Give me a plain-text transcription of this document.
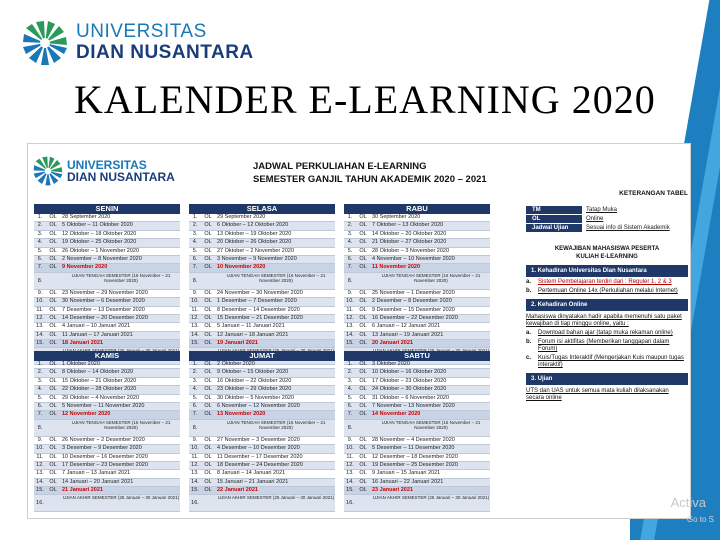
UNIVERSITAS
DIAN NUSANTARA
KALENDER E-LEARNING 2020
UNIVERSITAS
DIAN NUSANTARA
JADWAL PERKULIAHAN E-LEARNING
SEMESTER GANJIL TAHUN AKADEMIK 2020 – 2021
SENIN
1.	OL 28 September 2020
2.	OL 5 Oktober – 11 Oktober 2020
3.	OL 12 Oktober – 18 Oktober 2020
4.	OL 19 Oktober – 25 Oktober 2020
5.	OL 26 Oktober – 1 November 2020
6.	OL 2 November – 8 November 2020
7.	OL 9 November 2020
8.
UJIAN TENGAH SEMESTER (16 November – 21 November 2020)
9.	OL 23 November – 29 November 2020
10.	OL 30 November – 6 Desember 2020
11.	OL 7 Desember – 13 Desember 2020
12.	OL 14 Desember – 20 Desember 2020
13.	OL 4 Januari – 10 Januari 2021
14.	OL 11 Januari – 17 Januari 2021
15.	OL 18 Januari 2021
SELASA
1.	OL 29 September 2020
2.	OL 6 Oktober – 12 Oktober 2020
3.	OL 13 Oktober – 19 Oktober 2020
4.	OL 20 Oktober – 26 Oktober 2020
5.	OL 27 Oktober – 2 November 2020
6.	OL 3 November – 9 November 2020
7.	OL 10 November 2020
8.
UJIAN TENGAH SEMESTER (16 November – 21 November 2020)
9.	OL 24 November – 30 November 2020
10.	OL 1 Desember – 7 Desember 2020
11.	OL 8 Desember – 14 Desember 2020
12.	OL 15 Desember – 21 Desember 2020
13.	OL 5 Januari – 11 Januari 2021
14.	OL 12 Januari – 18 Januari 2021
15.	OL 19 Januari 2021
RABU
1.	OL 30 September 2020
2.	OL 7 Oktober – 13 Oktober 2020
3.	OL 14 Oktober – 20 Oktober 2020
4.	OL 21 Oktober – 27 Oktober 2020
5.	OL 28 Oktober – 3 November 2020
6.	OL 4 November – 10 November 2020
7.	OL 11 November 2020
8.
UJIAN TENGAH SEMESTER (16 November – 21 November 2020)
9.	OL 25 November – 1 Desember 2020
10.	OL 2 Desember – 8 Desember 2020
11.	OL 9 Desember – 15 Desember 2020
12.	OL 16 Desember – 22 Desember 2020
13.	OL 6 Januari – 12 Januari 2021
14.	OL 13 Januari – 19 Januari 2021
15.	OL 20 Januari 2021
KAMIS
1.	OL 1 Oktober 2020
2.	OL 8 Oktober – 14 Oktober 2020
3.	OL 15 Oktober – 21 Oktober 2020
4.	OL 22 Oktober – 28 Oktober 2020
5.	OL 29 Oktober – 4 November 2020
6.	OL 5 November – 11 November 2020
7.	OL 12 November 2020
8.
UJIAN TENGAH SEMESTER (16 November – 21 November 2020)
9.	OL 26 November – 2 Desember 2020
10.	OL 3 Desember – 9 Desember 2020
11.	OL 10 Desember – 16 Desember 2020
12.	OL 17 Desember – 23 Desember 2020
13.	OL 7 Januari – 13 Januari 2021
14.	OL 14 Januari – 20 Januari 2021
15.	OL 21 Januari 2021
16.
UJIAN AKHIR SEMESTER (25 Januari – 30 Januari 2021)
JUMAT
1.	OL 2 Oktober 2020
2.	OL 9 Oktober – 15 Oktober 2020
3.	OL 16 Oktober – 22 Oktober 2020
4.	OL 23 Oktober – 29 Oktober 2020
5.	OL 30 Oktober – 5 November 2020
6.	OL 6 November – 12 November 2020
7.	OL 13 November 2020
8.
UJIAN TENGAH SEMESTER (16 November – 21 November 2020)
9.	OL 27 November – 3 Desember 2020
10.	OL 4 Desember – 10 Desember 2020
11.	OL 11 Desember – 17 Desember 2020
12.	OL 18 Desember – 24 Desember 2020
13.	OL 8 Januari – 14 Januari 2021
14.	OL 15 Januari – 21 Januari 2021
15.	OL 22 Januari 2021
16.
UJIAN AKHIR SEMESTER (25 Januari – 30 Januari 2021)
SABTU
1.	OL 3 Oktober 2020
2.	OL 10 Oktober – 16 Oktober 2020
3.	OL 17 Oktober – 23 Oktober 2020
4.	OL 24 Oktober – 30 Oktober 2020
5.	OL 31 Oktober – 6 November 2020
6.	OL 7 November – 13 November 2020
7.	OL 14 November 2020
8.
UJIAN TENGAH SEMESTER (16 November – 21 November 2020)
9.	OL 28 November – 4 Desember 2020
10.	OL 5 Desember – 11 Desember 2020
11.	OL 12 Desember – 18 Desember 2020
12.	OL 19 Desember – 25 Desember 2020
13.	OL 9 Januari – 15 Januari 2021
14.	OL 16 Januari – 22 Januari 2021
15.	OL 23 Januari 2021
16.
UJIAN AKHIR SEMESTER (25 Januari – 30 Januari 2021)
KETERANGAN TABEL
TM	Tatap Muka
OL	Online
Jadwal Ujian	Sesuai info di Sistem Akademik
KEWAJIBAN MAHASISWA PESERTA
KULIAH E-LEARNING
1. Kehadiran Universitas Dian Nusantara
a.	Sistem Pembelajaran terdiri dari : Reguler 1, 2 & 3
b.	Pertemuan Online 14x (Perkuliahan melalui Internet)
2. Kehadiran Online
Mahasiswa dinyatakan hadir apabila memenuhi satu paket kewajiban di tiap minggu online, yaitu :
a.	Download bahan ajar (tatap muka rekaman online)
b.	Forum isi aktifitas (Memberikan tanggapan dalam Forum)
c.	Kuis/Tugas Interaktif (Mengerjakan Kuis maupun tugas interaktif)
3. Ujian
UTS dan UAS untuk semua mata kuliah dilaksanakan secara online
Activa
Go to S
